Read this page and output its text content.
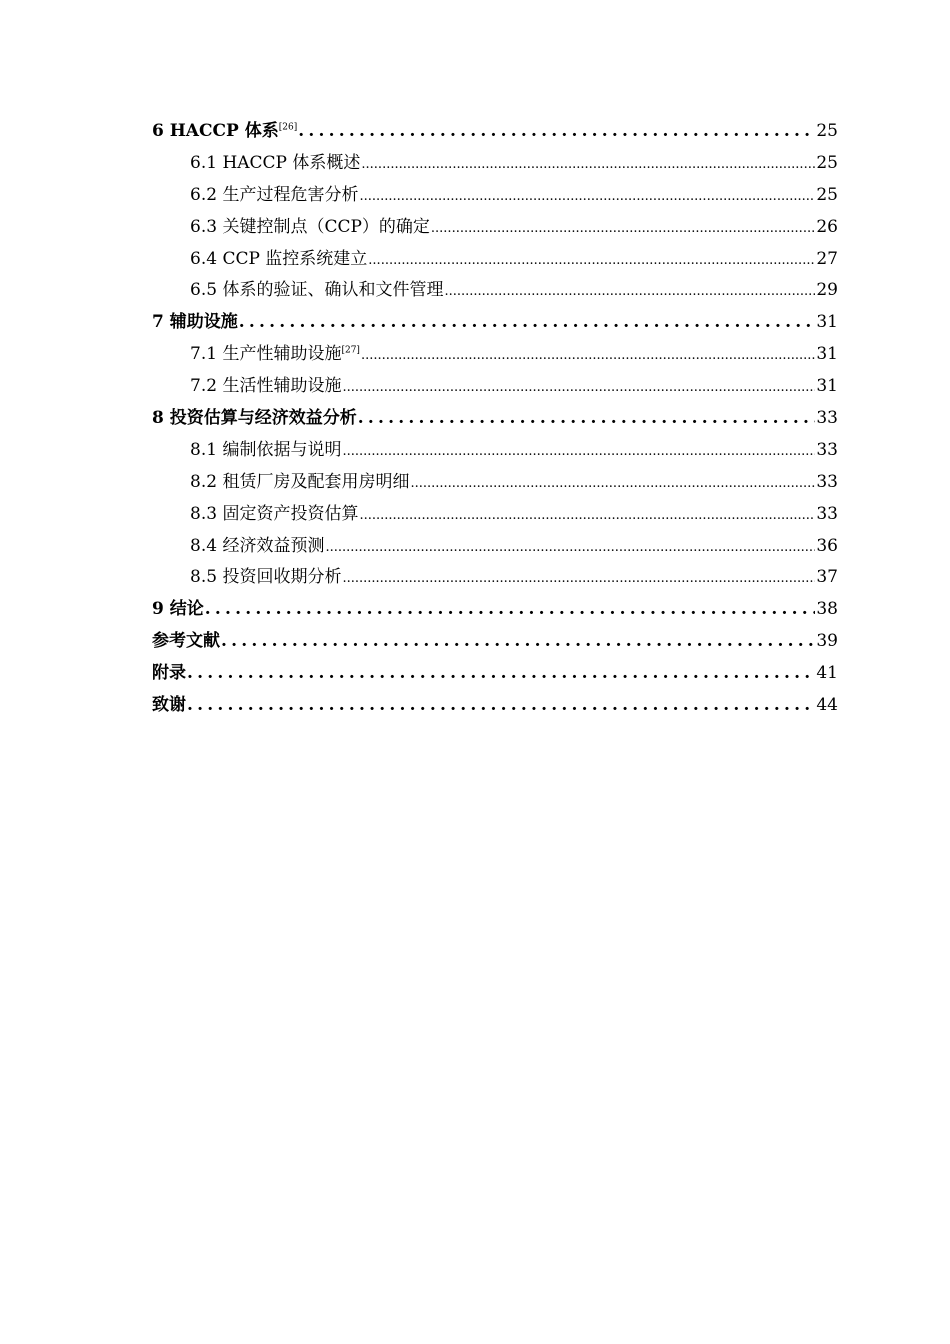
6 HACCP 体系[26] .....	25
6.1 HACCP 体系概述 .....	25
6.2 生产过程危害分析 .....	25
6.3 关键控制点（CCP）的确定 .....	26
6.4 CCP 监控系统建立 .....	27
6.5 体系的验证、确认和文件管理 .....	29
7 辅助设施 .....	31
7.1 生产性辅助设施[27] .....	31
7.2 生活性辅助设施 .....	31
8 投资估算与经济效益分析 .....	33
8.1 编制依据与说明 .....	33
8.2 租赁厂房及配套用房明细 .....	33
8.3 固定资产投资估算 .....	33
8.4 经济效益预测 .....	36
8.5 投资回收期分析 .....	37
9 结论 .....	38
参考文献 .....	39
附录 .....	41
致谢 .....	44
